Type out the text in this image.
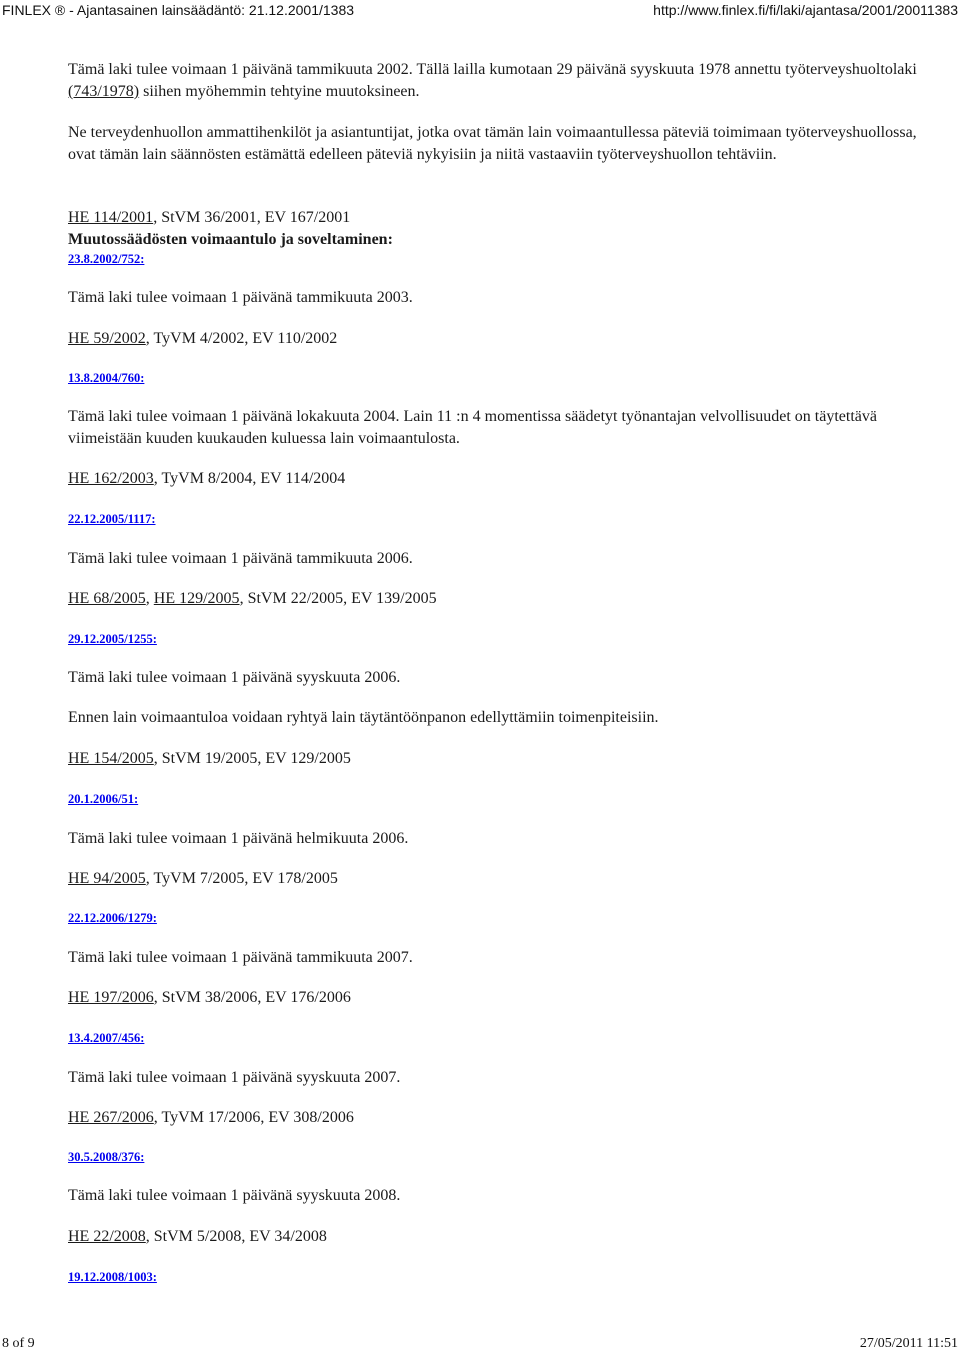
FINLEX ® - Ajantasainen lainsäädäntö: 21.12.2001/1383	http://www.finlex.fi/fi/laki/ajantasa/2001/20011383

Tämä laki tulee voimaan 1 päivänä tammikuuta 2002. Tällä lailla kumotaan 29 päivänä syyskuuta 1978 annettu työterveyshuoltolaki (743/1978) siihen myöhemmin tehtyine muutoksineen.

Ne terveydenhuollon ammattihenkilöt ja asiantuntijat, jotka ovat tämän lain voimaantullessa päteviä toimimaan työterveyshuollossa, ovat tämän lain säännösten estämättä edelleen päteviä nykyisiin ja niitä vastaaviin työterveyshuollon tehtäviin.

HE 114/2001, StVM 36/2001, EV 167/2001

Muutossäädösten voimaantulo ja soveltaminen:

23.8.2002/752:

Tämä laki tulee voimaan 1 päivänä tammikuuta 2003.

HE 59/2002, TyVM 4/2002, EV 110/2002

13.8.2004/760:

Tämä laki tulee voimaan 1 päivänä lokakuuta 2004. Lain 11 :n 4 momentissa säädetyt työnantajan velvollisuudet on täytettävä viimeistään kuuden kuukauden kuluessa lain voimaantulosta.

HE 162/2003, TyVM 8/2004, EV 114/2004

22.12.2005/1117:

Tämä laki tulee voimaan 1 päivänä tammikuuta 2006.

HE 68/2005, HE 129/2005, StVM 22/2005, EV 139/2005

29.12.2005/1255:

Tämä laki tulee voimaan 1 päivänä syyskuuta 2006.

Ennen lain voimaantuloa voidaan ryhtyä lain täytäntöönpanon edellyttämiin toimenpiteisiin.

HE 154/2005, StVM 19/2005, EV 129/2005

20.1.2006/51:

Tämä laki tulee voimaan 1 päivänä helmikuuta 2006.

HE 94/2005, TyVM 7/2005, EV 178/2005

22.12.2006/1279:

Tämä laki tulee voimaan 1 päivänä tammikuuta 2007.

HE 197/2006, StVM 38/2006, EV 176/2006

13.4.2007/456:

Tämä laki tulee voimaan 1 päivänä syyskuuta 2007.

HE 267/2006, TyVM 17/2006, EV 308/2006

30.5.2008/376:

Tämä laki tulee voimaan 1 päivänä syyskuuta 2008.

HE 22/2008, StVM 5/2008, EV 34/2008

19.12.2008/1003:

8 of 9	27/05/2011 11:51
